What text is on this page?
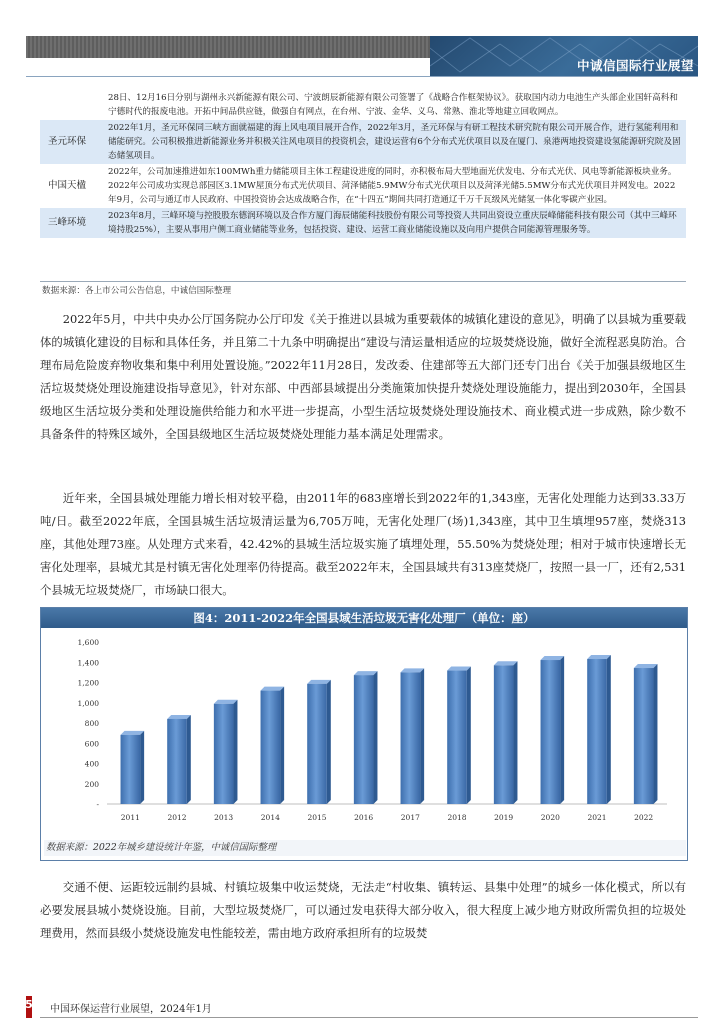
中诚信国际行业展望
	28日、12月16日分别与湖州永兴新能源有限公司、宁波朗辰新能源有限公司签署了《战略合作框架协议》。获取国内动力电池生产头部企业国轩高科和宁德时代的报废电池。开拓中间品供应链，做强自有网点，在台州、宁波、金华、义乌、常熟、淮北等地建立回收网点。
圣元环保	2022年1月，圣元环保同三峡方面就福建的海上风电项目展开合作，2022年3月，圣元环保与有研工程技术研究院有限公司开展合作，进行氢能利用和储能研究。公司积极推进新能源业务并积极关注风电项目的投资机会，建设运营有6个分布式光伏项目以及在厦门、泉港两地投资建设氢能源研究院及固态储氢项目。
中国天楹	2022年，公司加速推进如东100MWh重力储能项目主体工程建设进度的同时，亦积极布局大型地面光伏发电、分布式光伏、风电等新能源板块业务。2022年公司成功实现总部园区3.1MW屋顶分布式光伏项目、菏泽储能5.9MW分布式光伏项目以及菏泽光储5.5MW分布式光伏项目并网发电。2022年9月，公司与通辽市人民政府、中国投资协会达成战略合作，在“十四五”期间共同打造通辽千万千瓦级风光储氢一体化零碳产业园。
三峰环境	2023年8月，三峰环境与控股股东德润环境以及合作方厦门海辰储能科技股份有限公司等投资人共同出资设立重庆辰峰储能科技有限公司（其中三峰环境持股25%），主要从事用户侧工商业储能等业务，包括投资、建设、运营工商业储能设施以及向用户提供合同能源管理服务等。
数据来源：各上市公司公告信息，中诚信国际整理

2022年5月，中共中央办公厅国务院办公厅印发《关于推进以县城为重要载体的城镇化建设的意见》，明确了以县城为重要载体的城镇化建设的目标和具体任务，并且第二十九条中明确提出“建设与清运量相适应的垃圾焚烧设施，做好全流程恶臭防治。合理布局危险废弃物收集和集中利用处置设施。”2022年11月28日，发改委、住建部等五大部门还专门出台《关于加强县级地区生活垃圾焚烧处理设施建设指导意见》，针对东部、中西部县域提出分类施策加快提升焚烧处理设施能力，提出到2030年，全国县级地区生活垃圾分类和处理设施供给能力和水平进一步提高，小型生活垃圾焚烧处理设施技术、商业模式进一步成熟，除少数不具备条件的特殊区域外，全国县级地区生活垃圾焚烧处理能力基本满足处理需求。

近年来，全国县城处理能力增长相对较平稳，由2011年的683座增长到2022年的1,343座，无害化处理能力达到33.33万吨/日。截至2022年底，全国县城生活垃圾清运量为6,705万吨，无害化处理厂(场)1,343座，其中卫生填埋957座，焚烧313座，其他处理73座。从处理方式来看，42.42%的县城生活垃圾实施了填埋处理，55.50%为焚烧处理；相对于城市快速增长无害化处理率，县城尤其是村镇无害化处理率仍待提高。截至2022年末，全国县域共有313座焚烧厂，按照一县一厂，还有2,531个县城无垃圾焚烧厂，市场缺口很大。

图4：2011-2022年全国县域生活垃圾无害化处理厂（单位：座）
-
200
400
600
800
1,000
1,200
1,400
1,600
2011	2012	2013	2014	2015	2016	2017	2018	2019	2020	2021	2022
数据来源：2022年城乡建设统计年鉴，中诚信国际整理

交通不便、运距较远制约县城、村镇垃圾集中收运焚烧，无法走“村收集、镇转运、县集中处理”的城乡一体化模式，所以有必要发展县城小焚烧设施。目前，大型垃圾焚烧厂，可以通过发电获得大部分收入，很大程度上减少地方财政所需负担的垃圾处理费用，然而县级小焚烧设施发电性能较差，需由地方政府承担所有的垃圾焚

5 中国环保运营行业展望，2024年1月
